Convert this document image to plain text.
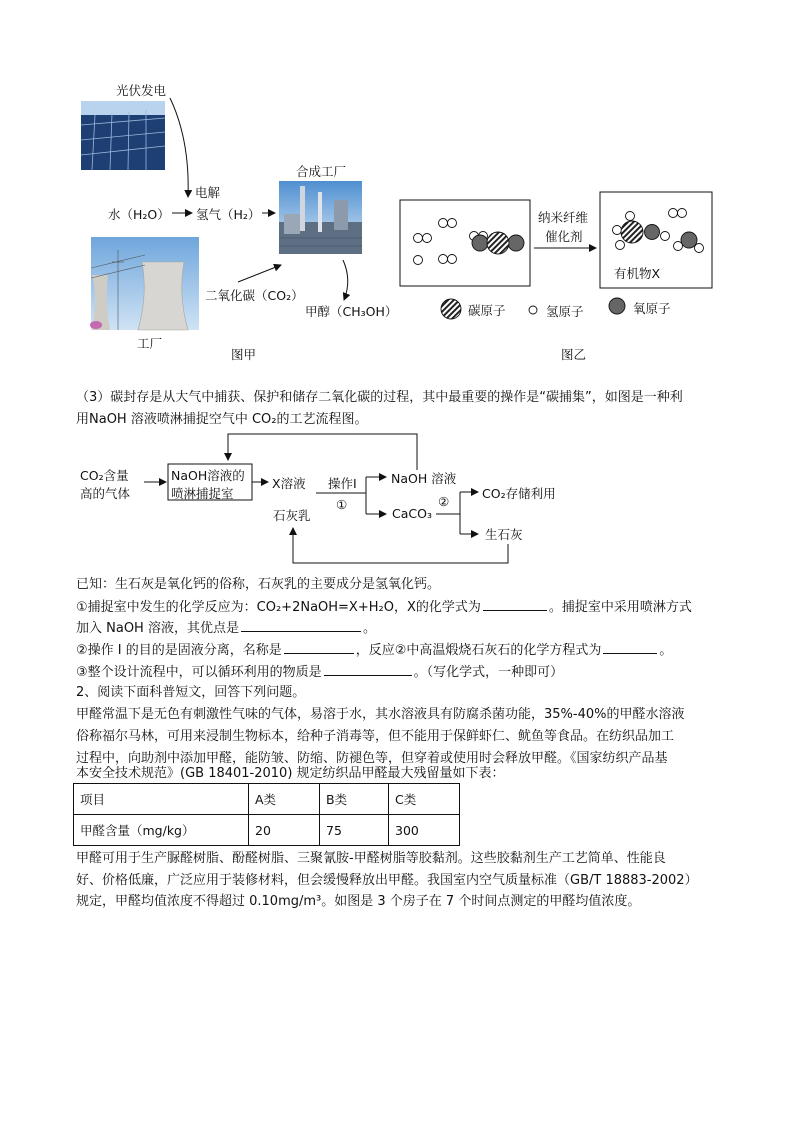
光伏发电
电解
水（H₂O） 氢气（H₂）
合成工厂
二氧化碳（CO₂）
甲醇（CH₃OH）
工厂
图甲
纳米纤维
催化剂
有机物X
碳原子	氢原子	氧原子
图乙
（3）碳封存是从大气中捕获、保护和储存二氧化碳的过程，其中最重要的操作是“碳捕集”，如图是一种利
用NaOH 溶液喷淋捕捉空气中 CO₂的工艺流程图。
CO₂含量
高的气体
NaOH溶液的
喷淋捕捉室
X溶液 操作I
①
石灰乳
NaOH 溶液
CaCO₃
②
CO₂存储利用
生石灰
已知：生石灰是氧化钙的俗称，石灰乳的主要成分是氢氧化钙。
①捕捉室中发生的化学反应为：CO₂+2NaOH=X+H₂O，X的化学式为	。捕捉室中采用喷淋方式
加入 NaOH 溶液，其优点是	。
②操作 I 的目的是固液分离，名称是	，反应②中高温煅烧石灰石的化学方程式为	。
③整个设计流程中，可以循环利用的物质是	。（写化学式，一种即可）
2、阅读下面科普短文，回答下列问题。
甲醛常温下是无色有刺激性气味的气体，易溶于水，其水溶液具有防腐杀菌功能，35%-40%的甲醛水溶液
俗称福尔马林，可用来浸制生物标本，给种子消毒等，但不能用于保鲜虾仁、鱿鱼等食品。在纺织品加工
过程中，向助剂中添加甲醛，能防皱、防缩、防褪色等，但穿着或使用时会释放甲醛。《国家纺织产品基
本安全技术规范》(GB 18401-2010) 规定纺织品甲醛最大残留量如下表：
项目	A类	B类	C类
甲醛含量（mg/kg）	20	75	300
甲醛可用于生产脲醛树脂、酚醛树脂、三聚氰胺-甲醛树脂等胶黏剂。这些胶黏剂生产工艺简单、性能良
好、价格低廉，广泛应用于装修材料，但会缓慢释放出甲醛。我国室内空气质量标准（GB/T 18883-2002）
规定，甲醛均值浓度不得超过 0.10mg/m³。如图是 3 个房子在 7 个时间点测定的甲醛均值浓度。
